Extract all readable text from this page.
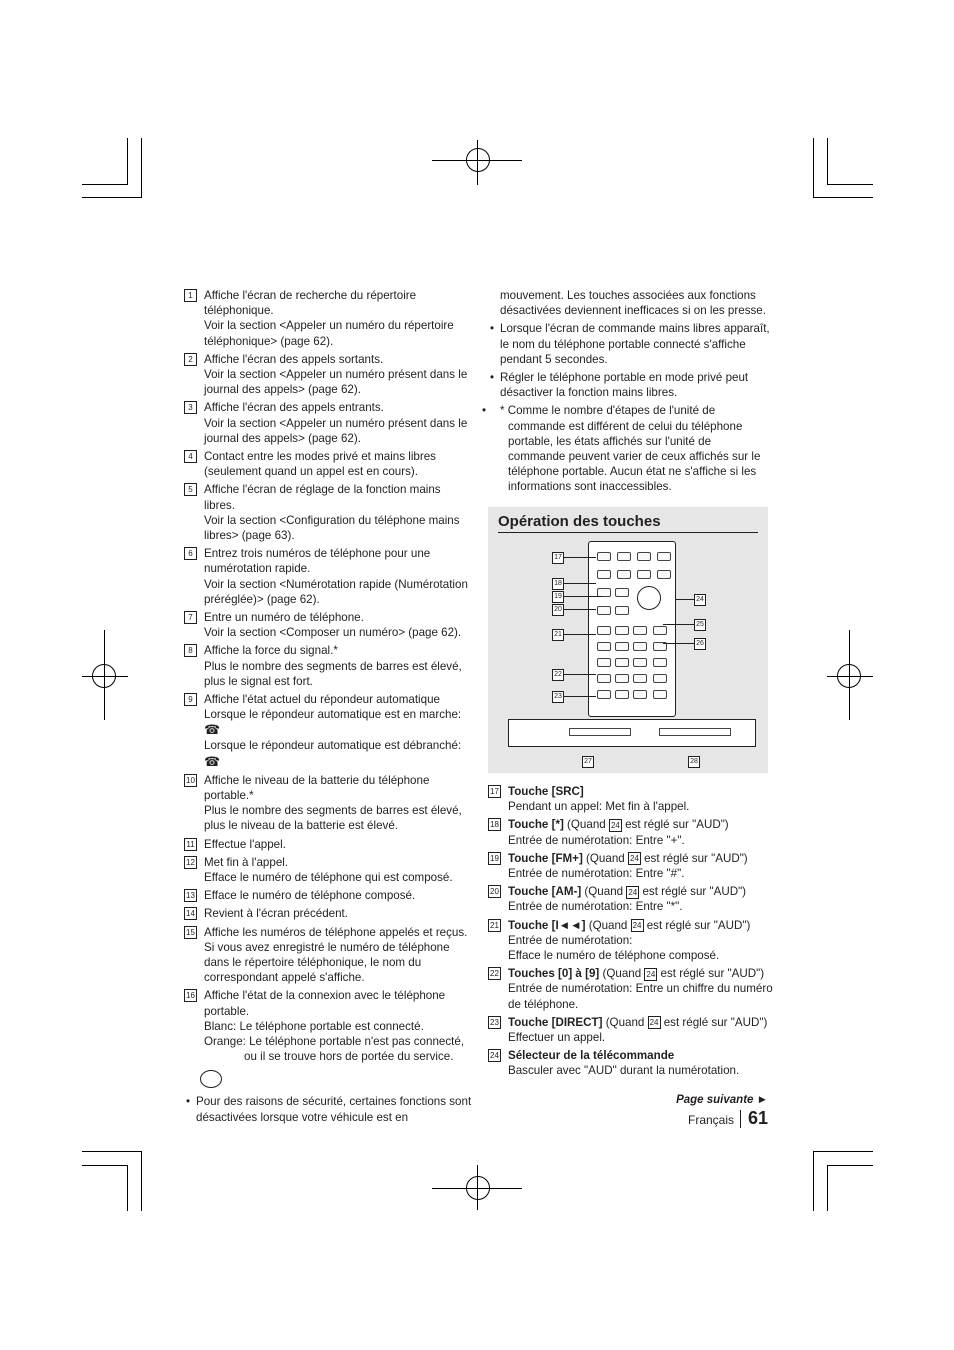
1 Affiche l'écran de recherche du répertoire téléphonique.
Voir la section <Appeler un numéro du répertoire téléphonique> (page 62).
2 Affiche l'écran des appels sortants.
Voir la section <Appeler un numéro présent dans le journal des appels> (page 62).
3 Affiche l'écran des appels entrants.
Voir la section <Appeler un numéro présent dans le journal des appels> (page 62).
4 Contact entre les modes privé et mains libres (seulement quand un appel est en cours).
5 Affiche l'écran de réglage de la fonction mains libres.
Voir la section <Configuration du téléphone mains libres> (page 63).
6 Entrez trois numéros de téléphone pour une numérotation rapide.
Voir la section <Numérotation rapide (Numérotation préréglée)> (page 62).
7 Entre un numéro de téléphone.
Voir la section <Composer un numéro> (page 62).
8 Affiche la force du signal.*
Plus le nombre des segments de barres est élevé, plus le signal est fort.
9 Affiche l'état actuel du répondeur automatique
Lorsque le répondeur automatique est en marche:
☎
Lorsque le répondeur automatique est débranché:
☎
10 Affiche le niveau de la batterie du téléphone portable.*
Plus le nombre des segments de barres est élevé, plus le niveau de la batterie est élevé.
11 Effectue l'appel.
12 Met fin à l'appel.
Efface le numéro de téléphone qui est composé.
13 Efface le numéro de téléphone composé.
14 Revient à l'écran précédent.
15 Affiche les numéros de téléphone appelés et reçus. Si vous avez enregistré le numéro de téléphone dans le répertoire téléphonique, le nom du correspondant appelé s'affiche.
16 Affiche l'état de la connexion avec le téléphone portable.
Blanc: Le téléphone portable est connecté.
Orange: Le téléphone portable n'est pas connecté, ou il se trouve hors de portée du service.
• Pour des raisons de sécurité, certaines fonctions sont désactivées lorsque votre véhicule est en
mouvement. Les touches associées aux fonctions désactivées deviennent inefficaces si on les presse.
• Lorsque l'écran de commande mains libres apparaît, le nom du téléphone portable connecté s'affiche pendant 5 secondes.
• Régler le téléphone portable en mode privé peut désactiver la fonction mains libres.
• * Comme le nombre d'étapes de l'unité de commande est différent de celui du téléphone portable, les états affichés sur l'unité de commande peuvent varier de ceux affichés sur le téléphone portable. Aucun état ne s'affiche si les informations sont inaccessibles.
Opération des touches
17
18
19
20
21
22
23
24
25
26
27	28
17 Touche [SRC]
Pendant un appel: Met fin à l'appel.
18 Touche [*] (Quand 24 est réglé sur "AUD")
Entrée de numérotation: Entre "+".
19 Touche [FM+] (Quand 24 est réglé sur "AUD")
Entrée de numérotation: Entre "#".
20 Touche [AM-] (Quand 24 est réglé sur "AUD")
Entrée de numérotation: Entre "*".
21 Touche [I◄◄] (Quand 24 est réglé sur "AUD")
Entrée de numérotation:
Efface le numéro de téléphone composé.
22 Touches [0] à [9] (Quand 24 est réglé sur "AUD")
Entrée de numérotation: Entre un chiffre du numéro de téléphone.
23 Touche [DIRECT] (Quand 24 est réglé sur "AUD")
Effectuer un appel.
24 Sélecteur de la télécommande
Basculer avec "AUD" durant la numérotation.
Page suivante ►
Français 61
